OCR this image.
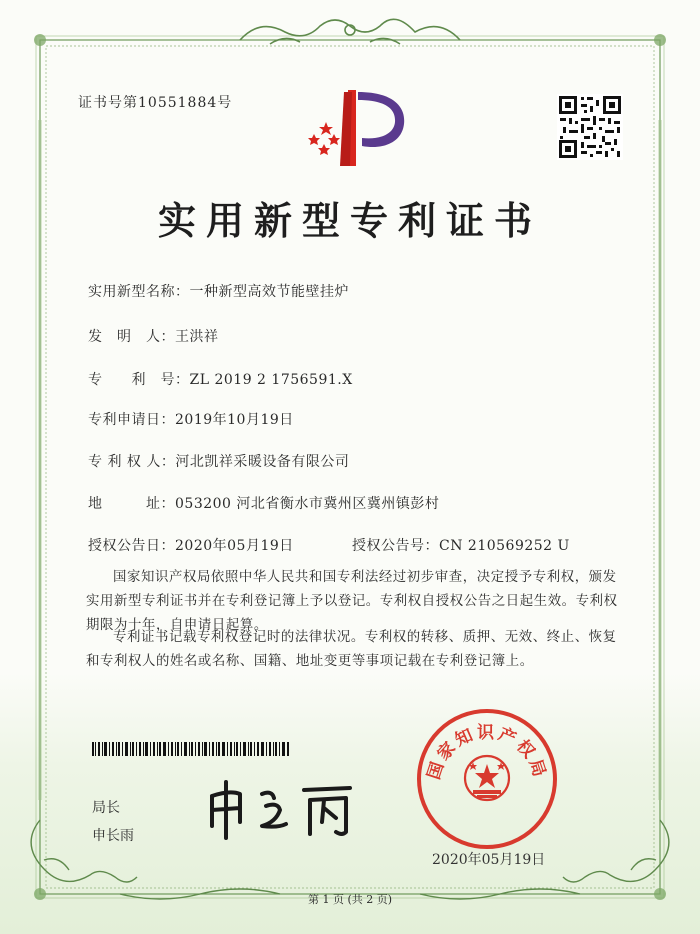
证书号第10551884号
实用新型专利证书
实用新型名称：一种新型高效节能壁挂炉
发　明　人：王洪祥
专　　利　号：ZL 2019 2 1756591.X
专利申请日：2019年10月19日
专 利 权 人：河北凯祥采暖设备有限公司
地　　　址：053200 河北省衡水市冀州区冀州镇彭村
授权公告日：2020年05月19日	授权公告号：CN 210569252 U
国家知识产权局依照中华人民共和国专利法经过初步审查，决定授予专利权，颁发实用新型专利证书并在专利登记簿上予以登记。专利权自授权公告之日起生效。专利权期限为十年，自申请日起算。
专利证书记载专利权登记时的法律状况。专利权的转移、质押、无效、终止、恢复和专利权人的姓名或名称、国籍、地址变更等事项记载在专利登记簿上。
局长
申长雨
国家知识产权局
2020年05月19日
第 1 页 (共 2 页)
